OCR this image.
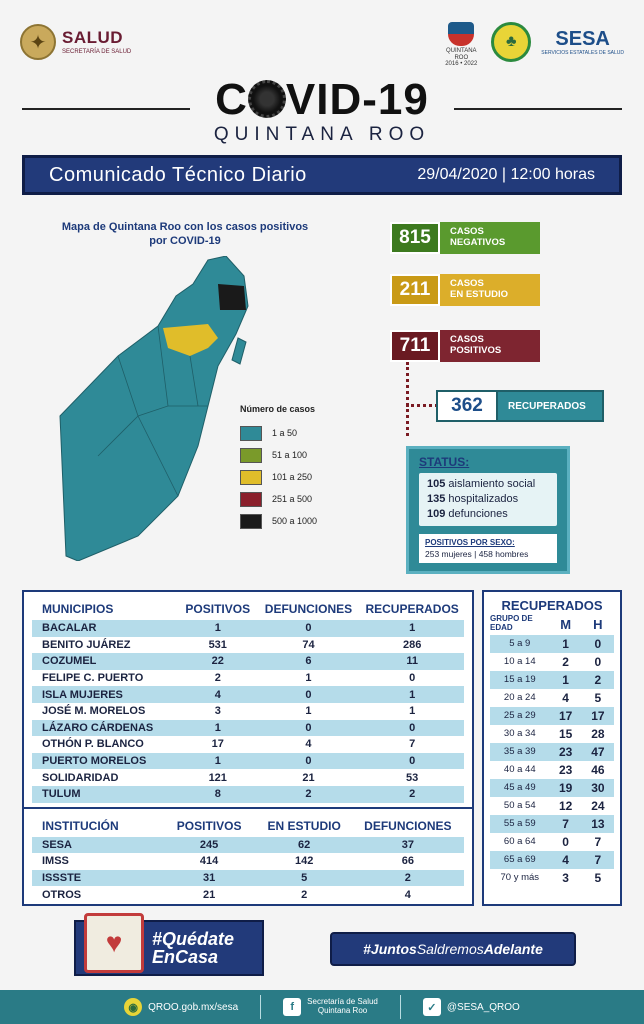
✦ SALUD
SECRETARÍA DE SALUD	QUINTANA ROO
2016 • 2022
♣	SESA
SERVICIOS ESTATALES DE SALUD
C VID-19
QUINTANA ROO
Comunicado Técnico Diario	29/04/2020 | 12:00 horas
Mapa de Quintana Roo con los casos positivos por COVID-19
Número de casos
1 a 50
51 a 100
101 a 250
251 a 500
500 a 1000
815	CASOS
NEGATIVOS
211	CASOS
EN ESTUDIO
711	CASOS
POSITIVOS
362	RECUPERADOS
STATUS:
105 aislamiento social
135 hospitalizados
109 defunciones
POSITIVOS POR SEXO:
253 mujeres | 458 hombres
MUNICIPIOS	POSITIVOS	DEFUNCIONES	RECUPERADOS
BACALAR	1	0	1
BENITO JUÁREZ	531	74	286
COZUMEL	22	6	11
FELIPE C. PUERTO	2	1	0
ISLA MUJERES	4	0	1
JOSÉ M. MORELOS	3	1	1
LÁZARO CÁRDENAS	1	0	0
OTHÓN P. BLANCO	17	4	7
PUERTO MORELOS	1	0	0
SOLIDARIDAD	121	21	53
TULUM	8	2	2
INSTITUCIÓN	POSITIVOS	EN ESTUDIO	DEFUNCIONES
SESA	245	62	37
IMSS	414	142	66
ISSSTE	31	5	2
OTROS	21	2	4
RECUPERADOS
GRUPO DE EDAD	M	H
5 a 9	1	0
10 a 14	2	0
15 a 19	1	2
20 a 24	4	5
25 a 29	17	17
30 a 34	15	28
35 a 39	23	47
40 a 44	23	46
45 a 49	19	30
50 a 54	12	24
55 a 59	7	13
60 a 64	0	7
65 a 69	4	7
70 y más	3	5
♥	#Quédate
EnCasa	#Juntos Saldremos Adelante
◉	QROO.gob.mx/sesa	f	Secretaría de Salud
Quintana Roo	✓	@SESA_QROO
